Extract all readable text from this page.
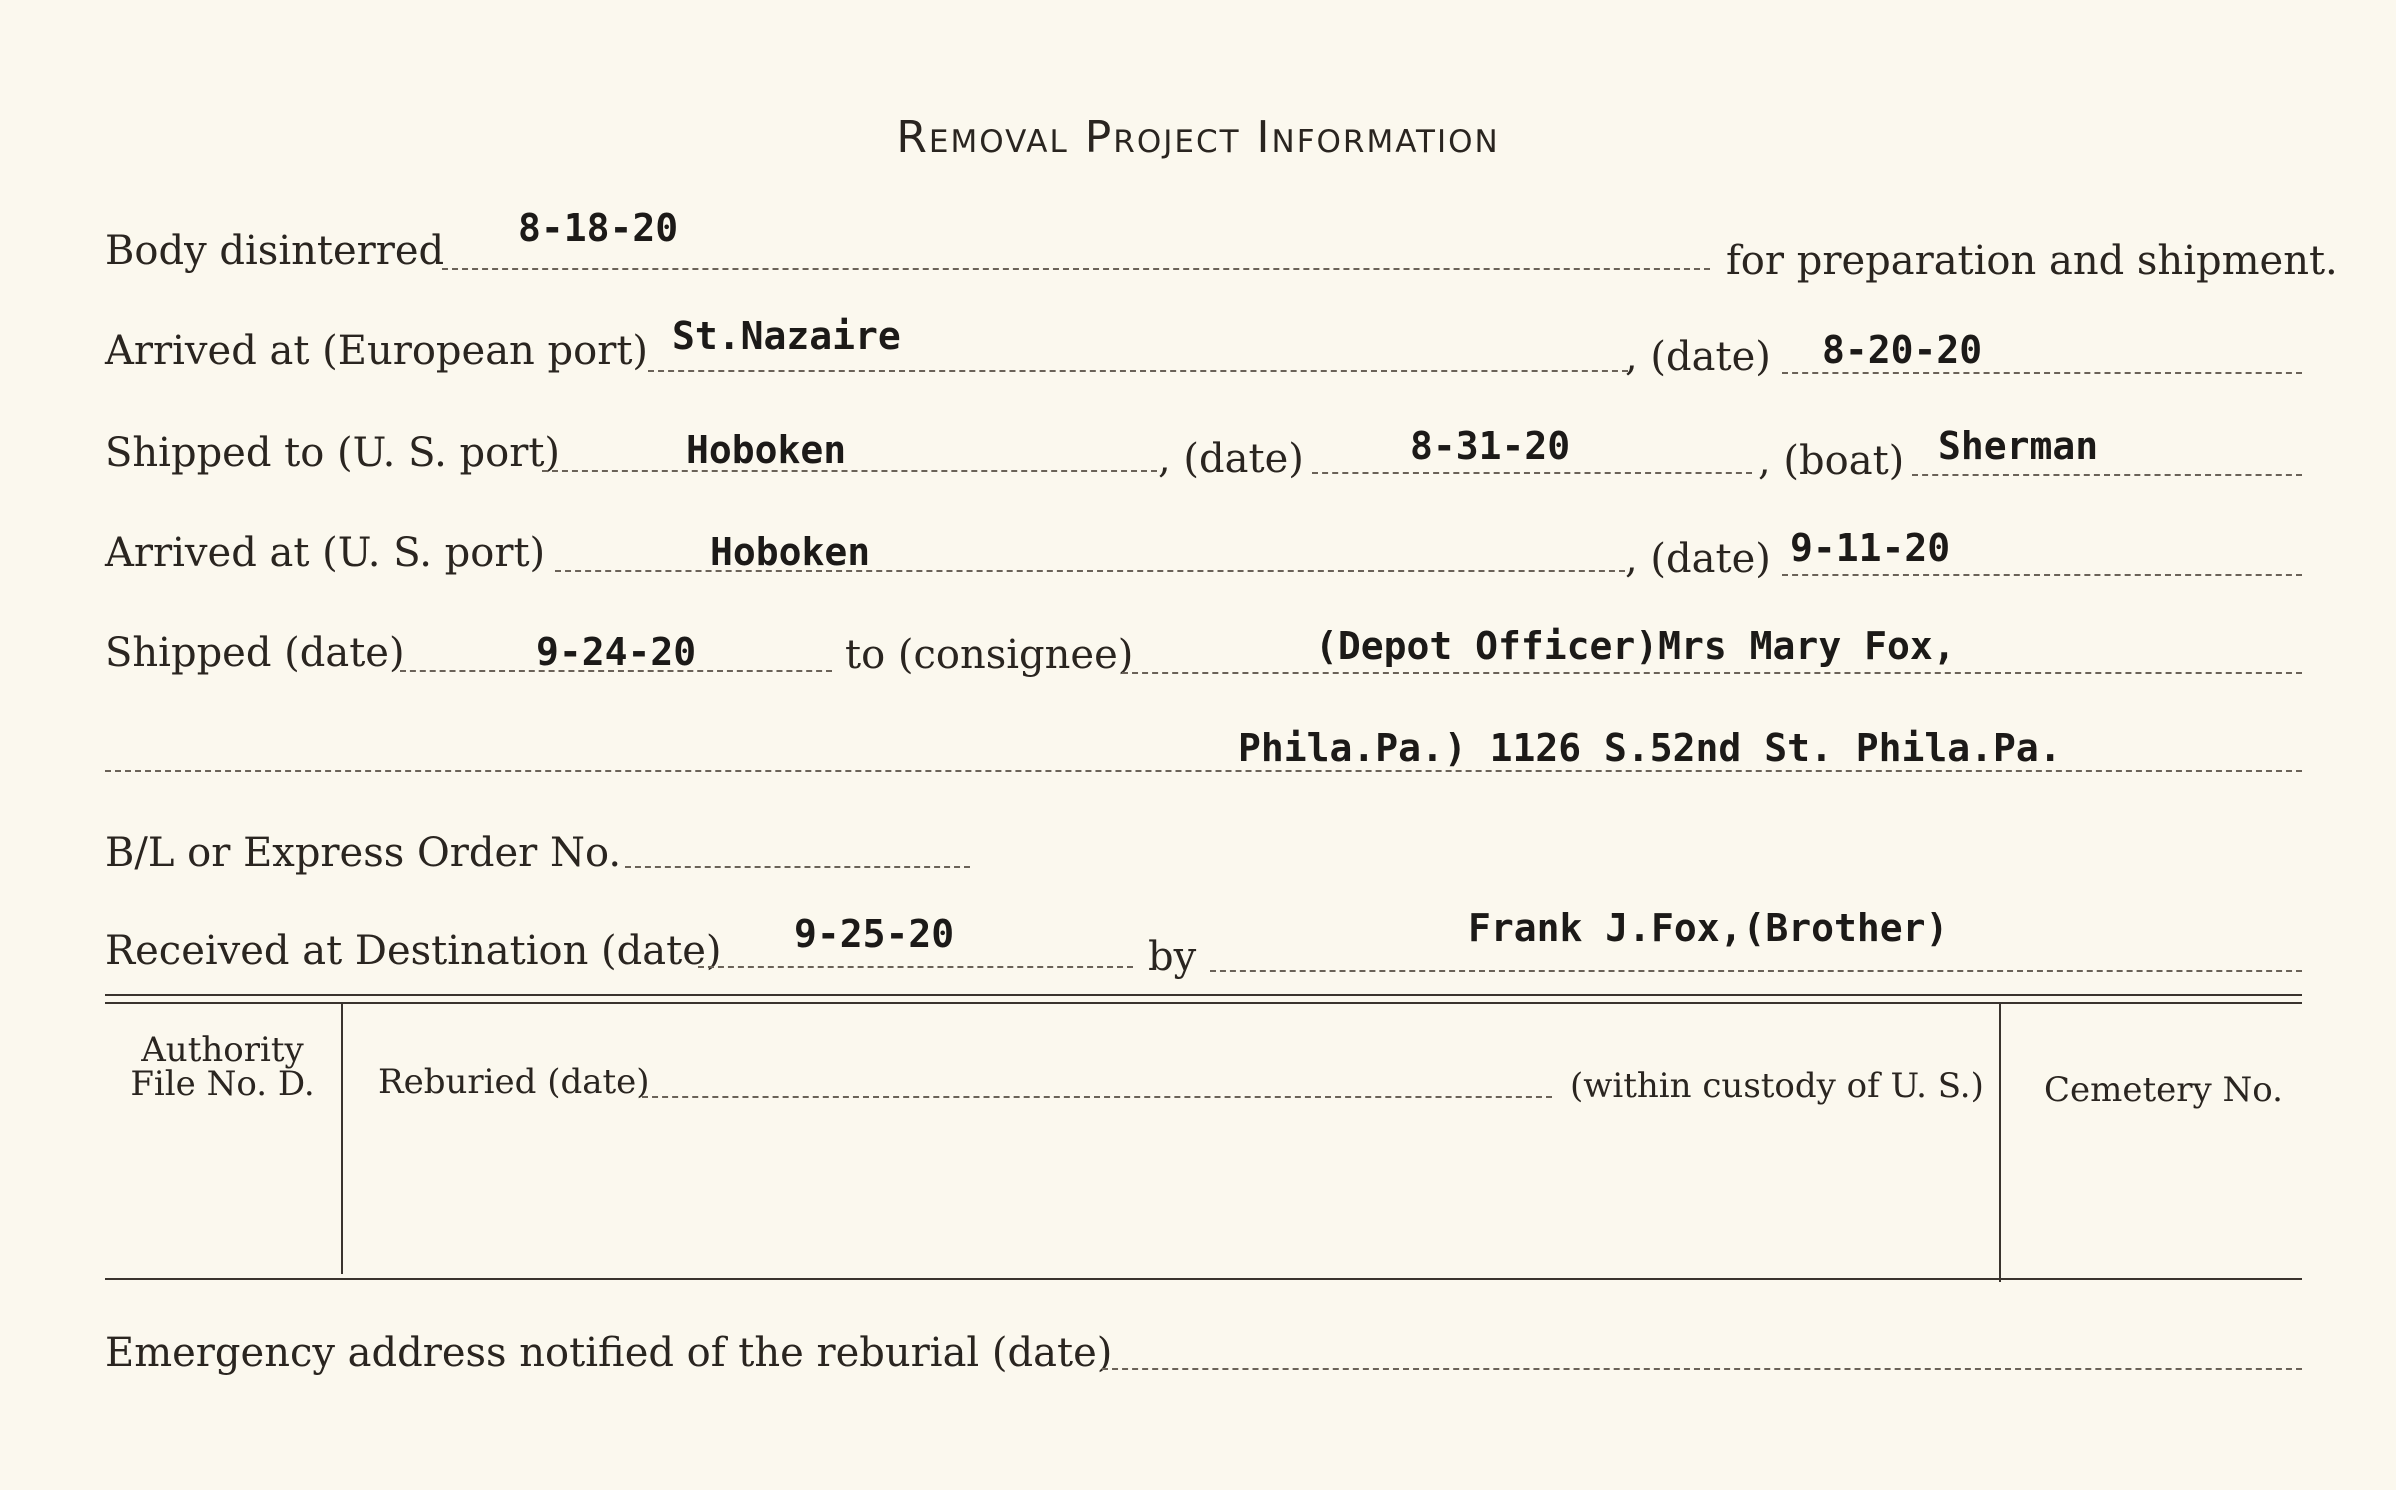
Removal Project Information
Body disinterred 8-18-20
for preparation and shipment.
Arrived at (European port) St.Nazaire	, (date) 8-20-20
Shipped to (U. S. port)	Hoboken	, (date)	8-31-20	, (boat) Sherman
Arrived at (U. S. port)	Hoboken	, (date) 9-11-20
Shipped (date)	9-24-20	to (consignee)	(Depot Officer)Mrs Mary Fox,
Phila.Pa.) 1126 S.52nd St. Phila.Pa.
B/L or Express Order No.
Received at Destination (date) 9-25-20	by
Frank J.Fox,(Brother)
Authority
File No. D.	Reburied (date)	(within custody of U. S.) Cemetery No.
Emergency address notified of the reburial (date)
